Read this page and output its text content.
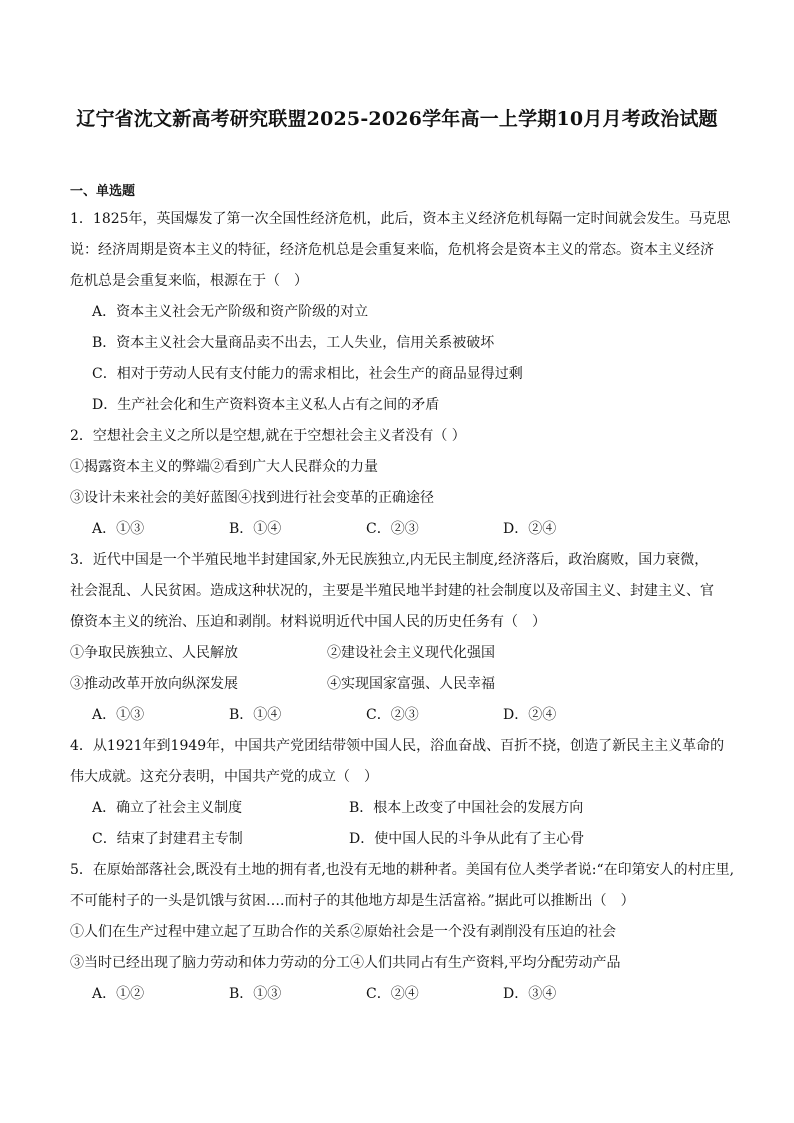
辽宁省沈文新高考研究联盟2025-2026学年高一上学期10月月考政治试题
一、单选题
1．1825年，英国爆发了第一次全国性经济危机，此后，资本主义经济危机每隔一定时间就会发生。马克思
说：经济周期是资本主义的特征，经济危机总是会重复来临，危机将会是资本主义的常态。资本主义经济
危机总是会重复来临，根源在于（　）
A．资本主义社会无产阶级和资产阶级的对立
B．资本主义社会大量商品卖不出去，工人失业，信用关系被破坏
C．相对于劳动人民有支付能力的需求相比，社会生产的商品显得过剩
D．生产社会化和生产资料资本主义私人占有之间的矛盾
2．空想社会主义之所以是空想,就在于空想社会主义者没有（ ）
①揭露资本主义的弊端②看到广大人民群众的力量
③设计未来社会的美好蓝图④找到进行社会变革的正确途径
A．①③	B．①④	C．②③	D．②④
3．近代中国是一个半殖民地半封建国家,外无民族独立,内无民主制度,经济落后，政治腐败，国力衰微，
社会混乱、人民贫困。造成这种状况的，主要是半殖民地半封建的社会制度以及帝国主义、封建主义、官
僚资本主义的统治、压迫和剥削。材料说明近代中国人民的历史任务有（　）
①争取民族独立、人民解放	②建设社会主义现代化强国
③推动改革开放向纵深发展	④实现国家富强、人民幸福
A．①③	B．①④	C．②③	D．②④
4．从1921年到1949年，中国共产党团结带领中国人民，浴血奋战、百折不挠，创造了新民主主义革命的
伟大成就。这充分表明，中国共产党的成立（　）
A．确立了社会主义制度	B．根本上改变了中国社会的发展方向
C．结束了封建君主专制	D．使中国人民的斗争从此有了主心骨
5．在原始部落社会,既没有土地的拥有者,也没有无地的耕种者。美国有位人类学者说:“在印第安人的村庄里,
不可能村子的一头是饥饿与贫困….而村子的其他地方却是生活富裕。”据此可以推断出（　）
①人们在生产过程中建立起了互助合作的关系②原始社会是一个没有剥削没有压迫的社会
③当时已经出现了脑力劳动和体力劳动的分工④人们共同占有生产资料,平均分配劳动产品
A．①②	B．①③	C．②④	D．③④
